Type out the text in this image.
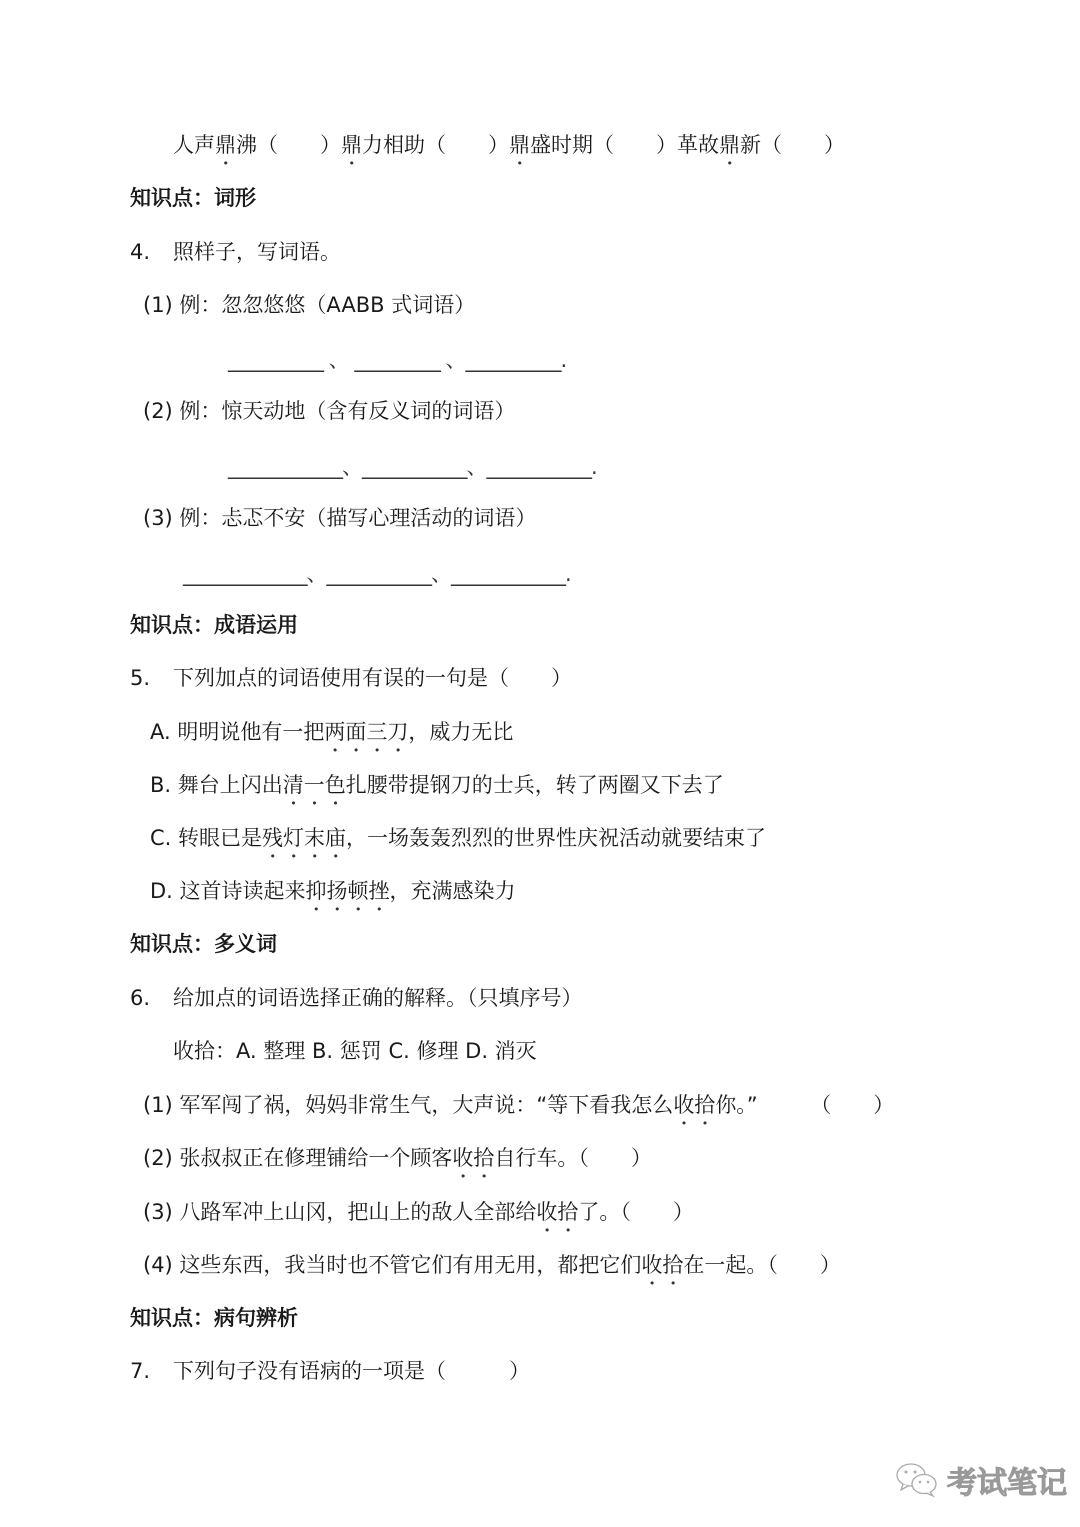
人声鼎沸（　　）鼎力相助（　　）鼎盛时期（　　）革故鼎新（　　）
知识点：词形
4. 照样子，写词语。
(1) 例：忽忽悠悠（AABB 式词语）
__________ 、 _________ 、__________.
(2) 例：惊天动地（含有反义词的词语）
____________、___________、___________.
(3) 例：忐忑不安（描写心理活动的词语）
_____________、___________、____________.
知识点：成语运用
5. 下列加点的词语使用有误的一句是（　　）
A. 明明说他有一把两面三刀，威力无比
B. 舞台上闪出清一色扎腰带提钢刀的士兵，转了两圈又下去了
C. 转眼已是残灯末庙，一场轰轰烈烈的世界性庆祝活动就要结束了
D. 这首诗读起来抑扬顿挫，充满感染力
知识点：多义词
6. 给加点的词语选择正确的解释。（只填序号）
收拾：A. 整理 B. 惩罚 C. 修理 D. 消灭
(1) 军军闯了祸，妈妈非常生气，大声说：“等下看我怎么收拾你。”　　　（　　）
(2) 张叔叔正在修理铺给一个顾客收拾自行车。（　　）
(3) 八路军冲上山冈，把山上的敌人全部给收拾了。（　　）
(4) 这些东西，我当时也不管它们有用无用，都把它们收拾在一起。（　　）
知识点：病句辨析
7. 下列句子没有语病的一项是（　　　）
考试笔记
